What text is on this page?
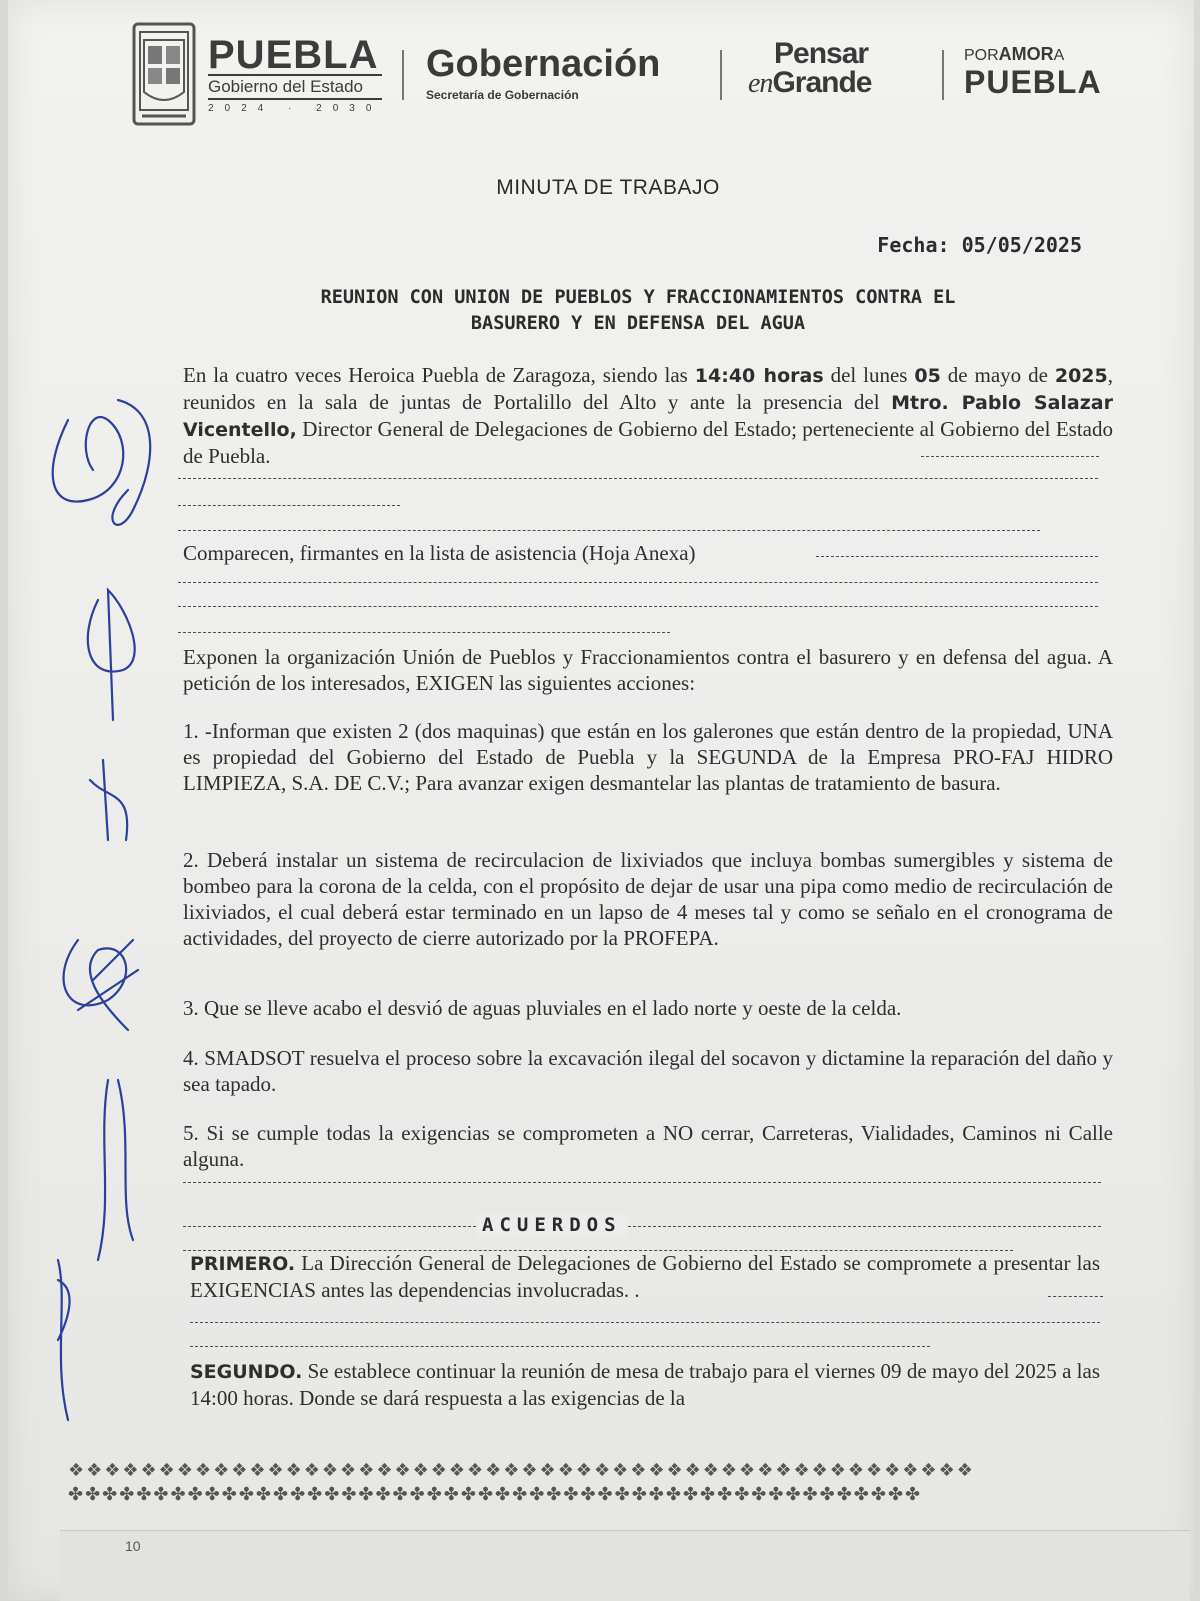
PUEBLA
Gobierno del Estado
2024 · 2030
Gobernación
Secretaría de Gobernación
Pensar
enGrande
PORAMORA
PUEBLA
MINUTA DE TRABAJO
Fecha: 05/05/2025
REUNION CON UNION DE PUEBLOS Y FRACCIONAMIENTOS CONTRA EL
BASURERO Y EN DEFENSA DEL AGUA
En la cuatro veces Heroica Puebla de Zaragoza, siendo las 14:40 horas del lunes 05 de mayo de 2025, reunidos en la sala de juntas de Portalillo del Alto y ante la presencia del Mtro. Pablo Salazar Vicentello, Director General de Delegaciones de Gobierno del Estado; perteneciente al Gobierno del Estado de Puebla.
Comparecen, firmantes en la lista de asistencia (Hoja Anexa)
Exponen la organización Unión de Pueblos y Fraccionamientos contra el basurero y en defensa del agua. A petición de los interesados, EXIGEN las siguientes acciones:
1. -Informan que existen 2 (dos maquinas) que están en los galerones que están dentro de la propiedad, UNA es propiedad del Gobierno del Estado de Puebla y la SEGUNDA de la Empresa PRO-FAJ HIDRO LIMPIEZA, S.A. DE C.V.; Para avanzar exigen desmantelar las plantas de tratamiento de basura.
2. Deberá instalar un sistema de recirculacion de lixiviados que incluya bombas sumergibles y sistema de bombeo para la corona de la celda, con el propósito de dejar de usar una pipa como medio de recirculación de lixiviados, el cual deberá estar terminado en un lapso de 4 meses tal y como se señalo en el cronograma de actividades, del proyecto de cierre autorizado por la PROFEPA.
3. Que se lleve acabo el desvió de aguas pluviales en el lado norte y oeste de la celda.
4. SMADSOT resuelva el proceso sobre la excavación ilegal del socavon y dictamine la reparación del daño y sea tapado.
5. Si se cumple todas la exigencias se comprometen a NO cerrar, Carreteras, Vialidades, Caminos ni Calle alguna.
ACUERDOS
PRIMERO. La Dirección General de Delegaciones de Gobierno del Estado se compromete a presentar las EXIGENCIAS antes las dependencias involucradas. .
SEGUNDO. Se establece continuar la reunión de mesa de trabajo para el viernes 09 de mayo del 2025 a las 14:00 horas. Donde se dará respuesta a las exigencias de la
❖❖❖❖❖❖❖❖❖❖❖❖❖❖❖❖❖❖❖❖❖❖❖❖❖❖❖❖❖❖❖❖❖❖❖❖❖❖❖❖❖❖❖❖❖❖❖❖❖❖
✤✤✤✤✤✤✤✤✤✤✤✤✤✤✤✤✤✤✤✤✤✤✤✤✤✤✤✤✤✤✤✤✤✤✤✤✤✤✤✤✤✤✤✤✤✤✤✤✤✤
10
